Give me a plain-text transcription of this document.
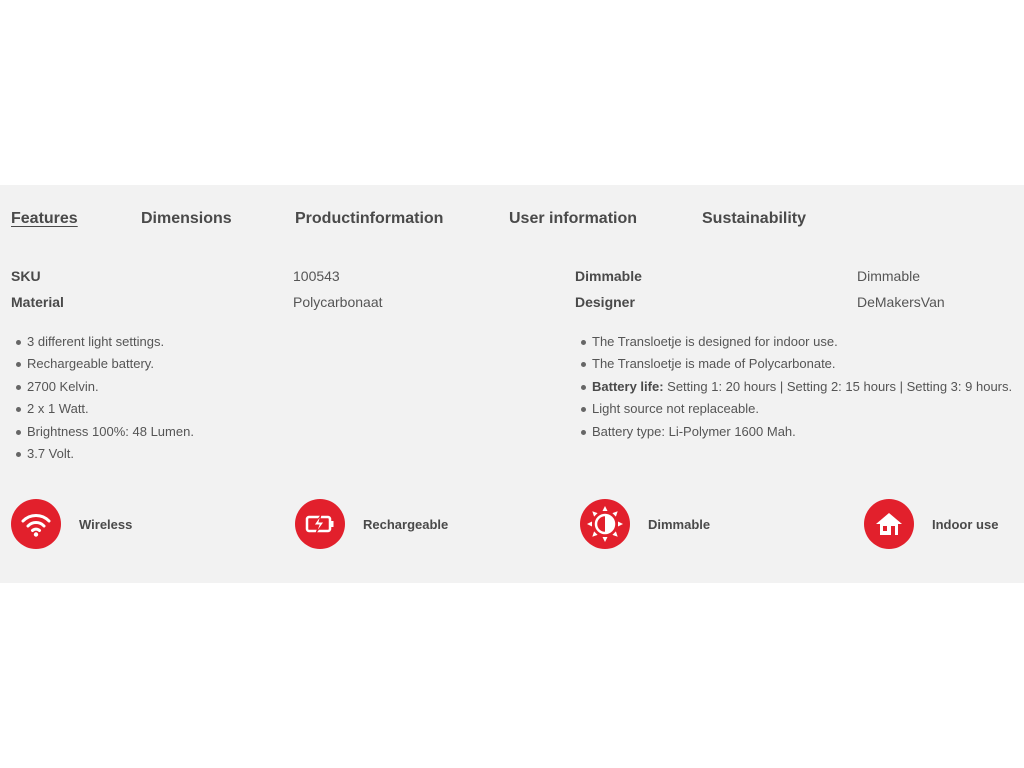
Features	Dimensions	Productinformation	User information	Sustainability
SKU	100543
Material	Polycarbonaat
Dimmable	Dimmable
Designer	DeMakersVan
3 different light settings.
Rechargeable battery.
2700 Kelvin.
2 x 1 Watt.
Brightness 100%: 48 Lumen.
3.7 Volt.
The Transloetje is designed for indoor use.
The Transloetje is made of Polycarbonate.
Battery life: Setting 1: 20 hours | Setting 2: 15 hours | Setting 3: 9 hours.
Light source not replaceable.
Battery type: Li-Polymer 1600 Mah.
Wireless	Rechargeable	Dimmable	Indoor use
